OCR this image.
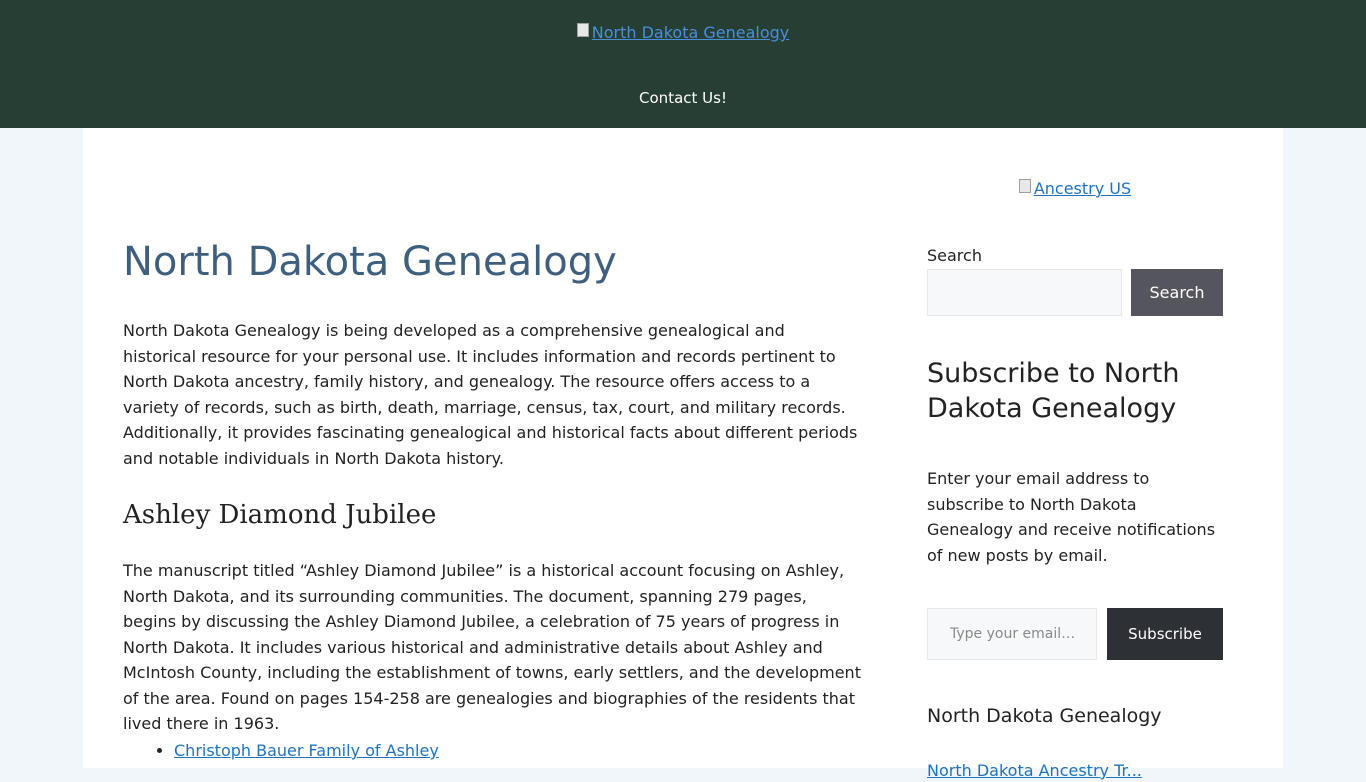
North Dakota Genealogy
Contact Us!
North Dakota Genealogy

North Dakota Genealogy is being developed as a comprehensive genealogical and historical resource for your personal use. It includes information and records pertinent to North Dakota ancestry, family history, and genealogy. The resource offers access to a variety of records, such as birth, death, marriage, census, tax, court, and military records. Additionally, it provides fascinating genealogical and historical facts about different periods and notable individuals in North Dakota history.

Ashley Diamond Jubilee

The manuscript titled “Ashley Diamond Jubilee” is a historical account focusing on Ashley, North Dakota, and its surrounding communities. The document, spanning 279 pages, begins by discussing the Ashley Diamond Jubilee, a celebration of 75 years of progress in North Dakota. It includes various historical and administrative details about Ashley and McIntosh County, including the establishment of towns, early settlers, and the development of the area. Found on pages 154-258 are genealogies and biographies of the residents that lived there in 1963.

• Christoph Bauer Family of Ashley
Ancestry US
Search
Search
Subscribe to North Dakota Genealogy

Enter your email address to subscribe to North Dakota Genealogy and receive notifications of new posts by email.

Type your email…
Subscribe
North Dakota Genealogy
North Dakota Ancestry Tr...
